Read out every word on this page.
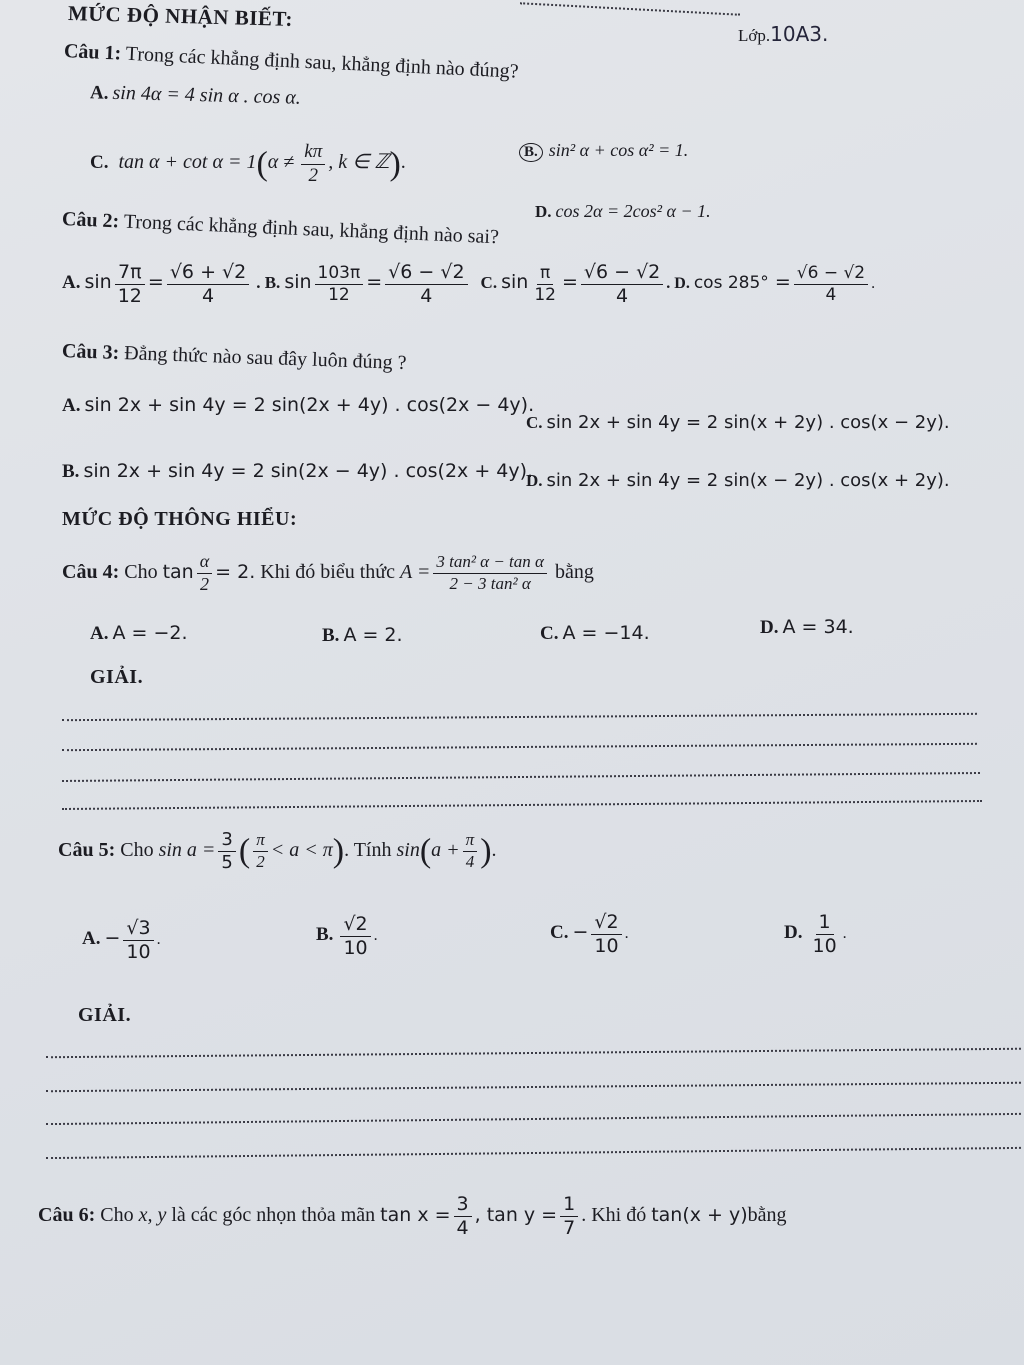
MỨC ĐỘ NHẬN BIẾT:
Lớp.10A3.
Câu 1: Trong các khẳng định sau, khẳng định nào đúng?
A. sin 4α = 4 sin α . cos α.
B. sin² α + cos α² = 1.
C. $\tan \alpha + \cot \alpha = 1(\alpha \ne \frac{k\pi}{2}$ , k ∈ ℤ).
D. cos 2α = 2cos² α − 1.
Câu 2: Trong các khẳng định sau, khẳng định nào sai?
A. $\sin \frac{7\pi}{12} = \frac{√6 + √2}{4}$ . B. $\sin \frac{103\pi}{12} = \frac{√6 - √2}{4} C$. $\sin \frac{\pi}{12} = \frac{√6 - √2}{4}$ . D. $\cos 285^\circ = \frac{√6 - √2}{4}$ .
Câu 3: Đẳng thức nào sau đây luôn đúng ?
A. sin 2x + sin 4y = 2 sin(2x + 4y) . cos(2x − 4y).
C. sin 2x + sin 4y = 2 sin(x + 2y) . cos(x − 2y).
B. sin 2x + sin 4y = 2 sin(2x − 4y) . cos(2x + 4y).
D. sin 2x + sin 4y = 2 sin(x − 2y) . cos(x + 2y).
MỨC ĐỘ THÔNG HIỂU:
Câu 4: Cho $\tan \frac{\alpha}{2} = 2$. Khi đó biểu thức $A = \frac{\text{3 tan² α − tan α}}{\text{2 − 3 tan² α}}$ bằng
A. A = −2.	B. A = 2.	C. A = −14.	D. A = 34.
GIẢI.
Câu 5: Cho $\sin a = \frac{3}{5}$ ( $\frac{\pi}{2} < a < \pi$). Tính $\sin(a + \frac{\pi}{4}$ ).
A. − $\frac{√3}{10}$ .	B. $\frac{√2}{10}$ .	C. − $\frac{√2}{10}$ .	D. $\frac{1}{10}$ .
GIẢI.
Câu 6: Cho x, y là các góc nhọn thỏa mãn $\tan x = \frac{3}{4}$ , $\tan y = \frac{1}{7}$ . Khi đó tan(x + y)bằng
